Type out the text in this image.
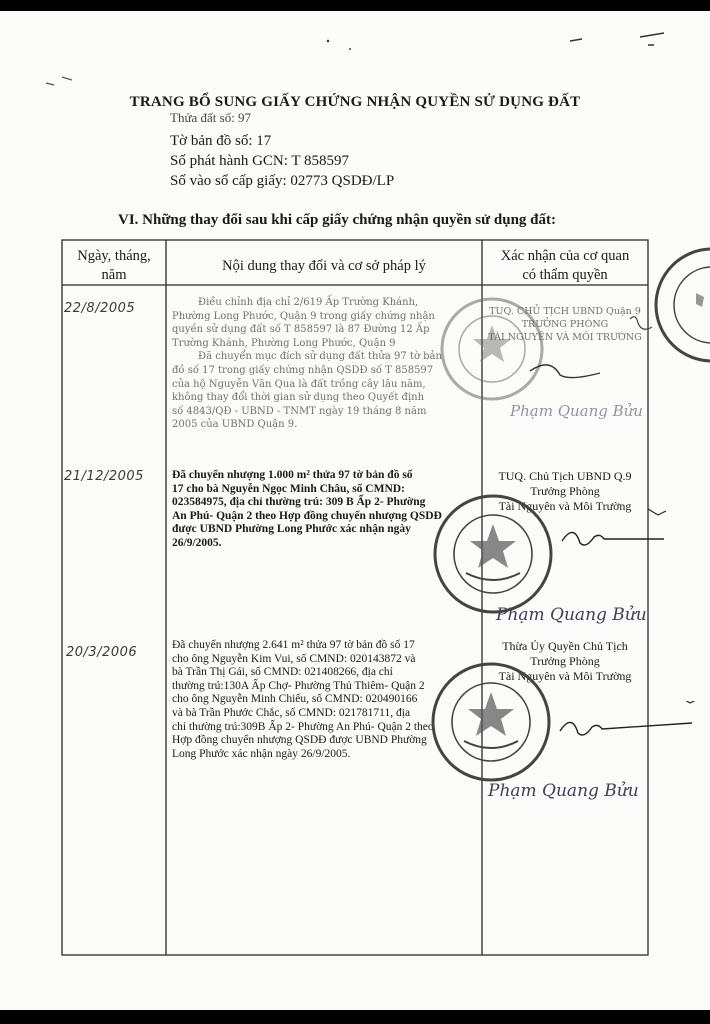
TRANG BỔ SUNG GIẤY CHỨNG NHẬN QUYỀN SỬ DỤNG ĐẤT
Thửa đất số: 97
Tờ bản đồ số: 17
Số phát hành GCN: T 858597
Số vào sổ cấp giấy: 02773 QSDĐ/LP
VI. Những thay đổi sau khi cấp giấy chứng nhận quyền sử dụng đất:
Ngày, tháng,
năm
Nội dung thay đổi và cơ sở pháp lý
Xác nhận của cơ quan
có thẩm quyền
22/8/2005	Điều chỉnh địa chỉ 2/619 Ấp Trường Khánh,
Phường Long Phước, Quận 9 trong giấy chứng nhận
quyền sử dụng đất số T 858597 là 87 Đường 12 Ấp
Trường Khánh, Phường Long Phước, Quận 9
Đã chuyển mục đích sử dụng đất thửa 97 tờ bản
đồ số 17 trong giấy chứng nhận QSDĐ số T 858597
của hộ Nguyễn Văn Qua là đất trồng cây lâu năm,
không thay đổi thời gian sử dụng theo Quyết định
số 4843/QĐ - UBND - TNMT ngày 19 tháng 8 năm
2005 của UBND Quận 9.
TUQ. CHỦ TỊCH UBND Quận 9
TRƯỞNG PHÒNG
TÀI NGUYÊN VÀ MÔI TRƯỜNG
Phạm Quang Bửu
21/12/2005 Đã chuyển nhượng 1.000 m² thửa 97 tờ bản đồ số
17 cho bà Nguyễn Ngọc Minh Châu, số CMND:
023584975, địa chỉ thường trú: 309 B Ấp 2- Phường
An Phú- Quận 2 theo Hợp đồng chuyển nhượng QSDĐ
được UBND Phường Long Phước xác nhận ngày
26/9/2005.
TUQ. Chủ Tịch UBND Q.9
Trưởng Phòng
Tài Nguyên và Môi Trường
Phạm Quang Bửu
20/3/2006	Đã chuyển nhượng 2.641 m² thửa 97 tờ bản đồ số 17
cho ông Nguyễn Kim Vui, số CMND: 020143872 và
bà Trần Thị Gái, số CMND: 021408266, địa chỉ
thường trú:130A Ấp Chợ- Phường Thủ Thiêm- Quận 2
cho ông Nguyễn Minh Chiếu, số CMND: 020490166
và bà Trần Phước Chắc, số CMND: 021781711, địa
chỉ thường trú:309B Ấp 2- Phường An Phú- Quận 2 theo
Hợp đồng chuyển nhượng QSDĐ được UBND Phường
Long Phước xác nhận ngày 26/9/2005.
Thừa Ủy Quyền Chủ Tịch
Trưởng Phòng
Tài Nguyên và Môi Trường
Phạm Quang Bửu
